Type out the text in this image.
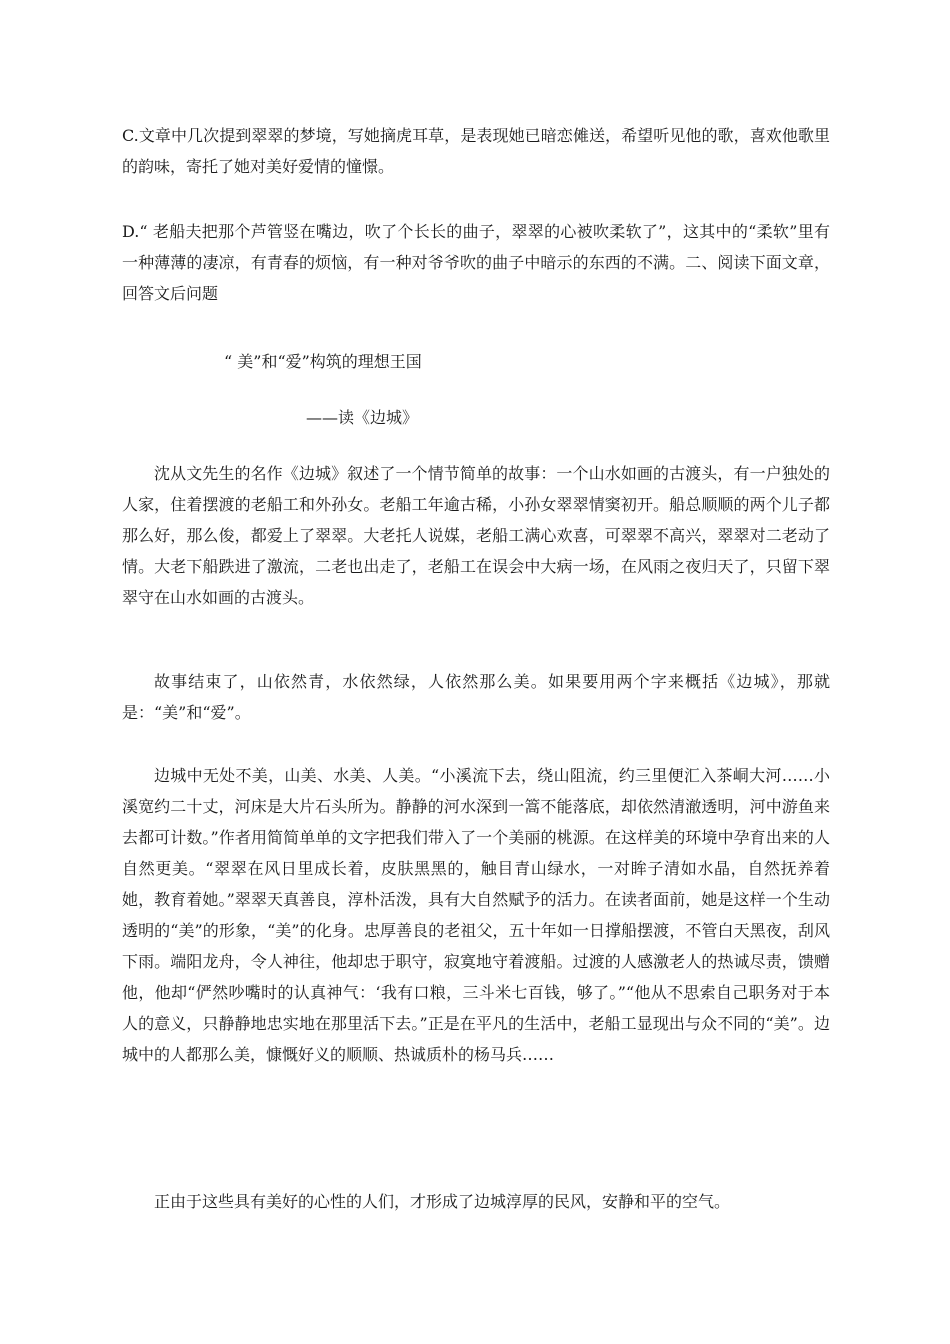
C.文章中几次提到翠翠的梦境，写她摘虎耳草，是表现她已暗恋傩送，希望听见他的歌，喜欢他歌里的韵味，寄托了她对美好爱情的憧憬。

D.“ 老船夫把那个芦管竖在嘴边，吹了个长长的曲子，翠翠的心被吹柔软了”，这其中的“柔软”里有一种薄薄的凄凉，有青春的烦恼，有一种对爷爷吹的曲子中暗示的东西的不满。二、阅读下面文章，回答文后问题

“ 美”和“爱”构筑的理想王国

——读《边城》

沈从文先生的名作《边城》叙述了一个情节简单的故事：一个山水如画的古渡头，有一户独处的人家，住着摆渡的老船工和外孙女。老船工年逾古稀，小孙女翠翠情窦初开。船总顺顺的两个儿子都那么好，那么俊，都爱上了翠翠。大老托人说媒，老船工满心欢喜，可翠翠不高兴，翠翠对二老动了情。大老下船跌进了激流，二老也出走了，老船工在误会中大病一场，在风雨之夜归天了，只留下翠翠守在山水如画的古渡头。

故事结束了，山依然青，水依然绿，人依然那么美。如果要用两个字来概括《边城》，那就是：“美”和“爱”。

边城中无处不美，山美、水美、人美。“小溪流下去，绕山阻流，约三里便汇入茶峒大河……小溪宽约二十丈，河床是大片石头所为。静静的河水深到一篙不能落底，却依然清澈透明，河中游鱼来去都可计数。”作者用简简单单的文字把我们带入了一个美丽的桃源。在这样美的环境中孕育出来的人自然更美。“翠翠在风日里成长着，皮肤黑黑的，触目青山绿水，一对眸子清如水晶，自然抚养着她，教育着她。”翠翠天真善良，淳朴活泼，具有大自然赋予的活力。在读者面前，她是这样一个生动透明的“美”的形象，“美”的化身。忠厚善良的老祖父，五十年如一日撑船摆渡，不管白天黑夜，刮风下雨。端阳龙舟，令人神往，他却忠于职守，寂寞地守着渡船。过渡的人感激老人的热诚尽责，馈赠他，他却“俨然吵嘴时的认真神气：‘我有口粮，三斗米七百钱，够了。”“他从不思索自己职务对于本人的意义，只静静地忠实地在那里活下去。”正是在平凡的生活中，老船工显现出与众不同的“美”。边城中的人都那么美，慷慨好义的顺顺、热诚质朴的杨马兵……

正由于这些具有美好的心性的人们，才形成了边城淳厚的民风，安静和平的空气。
